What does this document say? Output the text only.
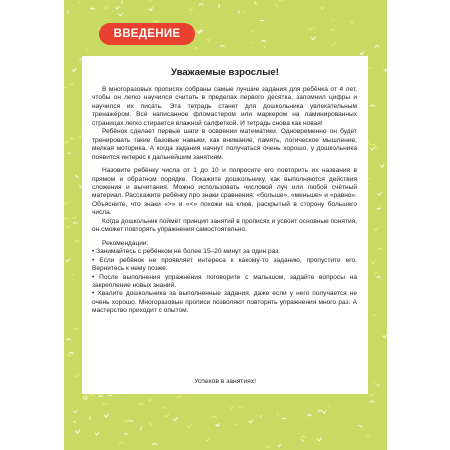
ВВЕДЕНИЕ
Уважаемые взрослые!

В многоразовых прописях собраны самые лучшие задания для ребёнка от 4 лет, чтобы он легко научился считать в пределах первого десятка, запомнил цифры и научился их писать. Эта тетрадь станет для дошкольника увлекательным тренажёром. Всё написанное фломастером или маркером на ламинированных страницах легко стирается влажной салфеткой. И тетрадь снова как новая!

Ребёнок сделает первые шаги в освоении математики. Одновременно он будет тренировать такие базовые навыки, как внимание, память, логическое мышление, мелкая моторика. А когда задания начнут получаться очень хорошо, у дошкольника появится интерес к дальнейшим занятиям.

Назовите ребёнку числа от 1 до 10 и попросите его повторить их названия в прямом и обратном порядке. Покажите дошкольнику, как выполняются действия сложения и вычитания. Можно использовать числовой луч или любой счётный материал. Расскажите ребёнку про знаки сравнения: «больше», «меньше» и «равно». Объясните, что знаки «>» и «<» похожи на клюв, раскрытый в сторону большего числа.

Когда дошкольник поймёт принцип занятий в прописях и усвоит основные понятия, он сможет повторять упражнения самостоятельно.

Рекомендации:

• Занимайтесь с ребёнком не более 15–20 минут за один раз.
• Если ребёнок не проявляет интереса к какому-то заданию, пропустите его. Вернитесь к нему позже.
• После выполнения упражнения поговорите с малышом, задайте вопросы на закрепление новых знаний.
• Хвалите дошкольника за выполненные задания, даже если у него получается не очень хорошо. Многоразовые прописи позволяют повторять упражнения много раз. А мастерство приходит с опытом.
Успехов в занятиях!
